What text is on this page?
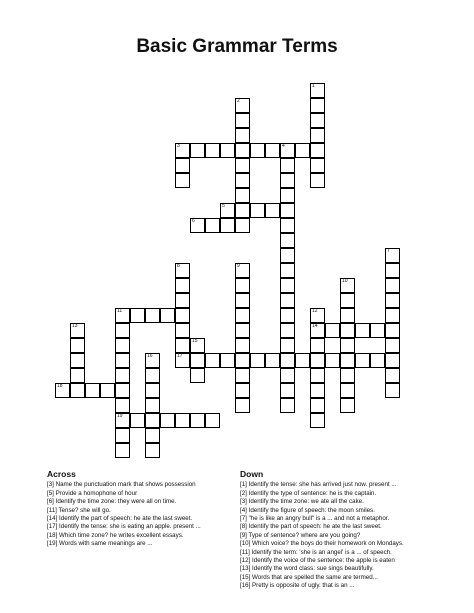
Basic Grammar Terms
1
2
3	4
5
6
7
8	9
10
11
19
12
14
13
15
16	17
18
Across
[3] Name the punctuation mark that shows possession
[5] Provide a homophone of hour
[6] Identify the time zone: they were all on time.
[11] Tense? she will go.
[14] Identify the part of speech: he ate the last sweet.
[17] Identify the tense: she is eating an apple. present ...
[18] Which time zone? he writes excellent essays.
[19] Words with same meanings are ...
Down
[1] Identify the tense: she has arrived just now. present ...
[2] Identify the type of sentence: he is the captain.
[3] Identify the time zone: we ate all the cake.
[4] Identify the figure of speech: the moon smiles.
[7] "he is like an angry bull" is a ... and not a metaphor.
[8] Identify the part of speech: he ate the last sweet.
[9] Type of sentence? where are you going?
[10] Which voice? the boys do their homework on Mondays.
[11] Identify the term: 'she is an angel' is a ... of speech.
[12] Identify the voice of the sentence: the apple is eaten
[13] Identify the word class: sue sings beautifully.
[15] Words that are spelled the same are termed...
[16] Pretty is opposite of ugly. that is an ...
